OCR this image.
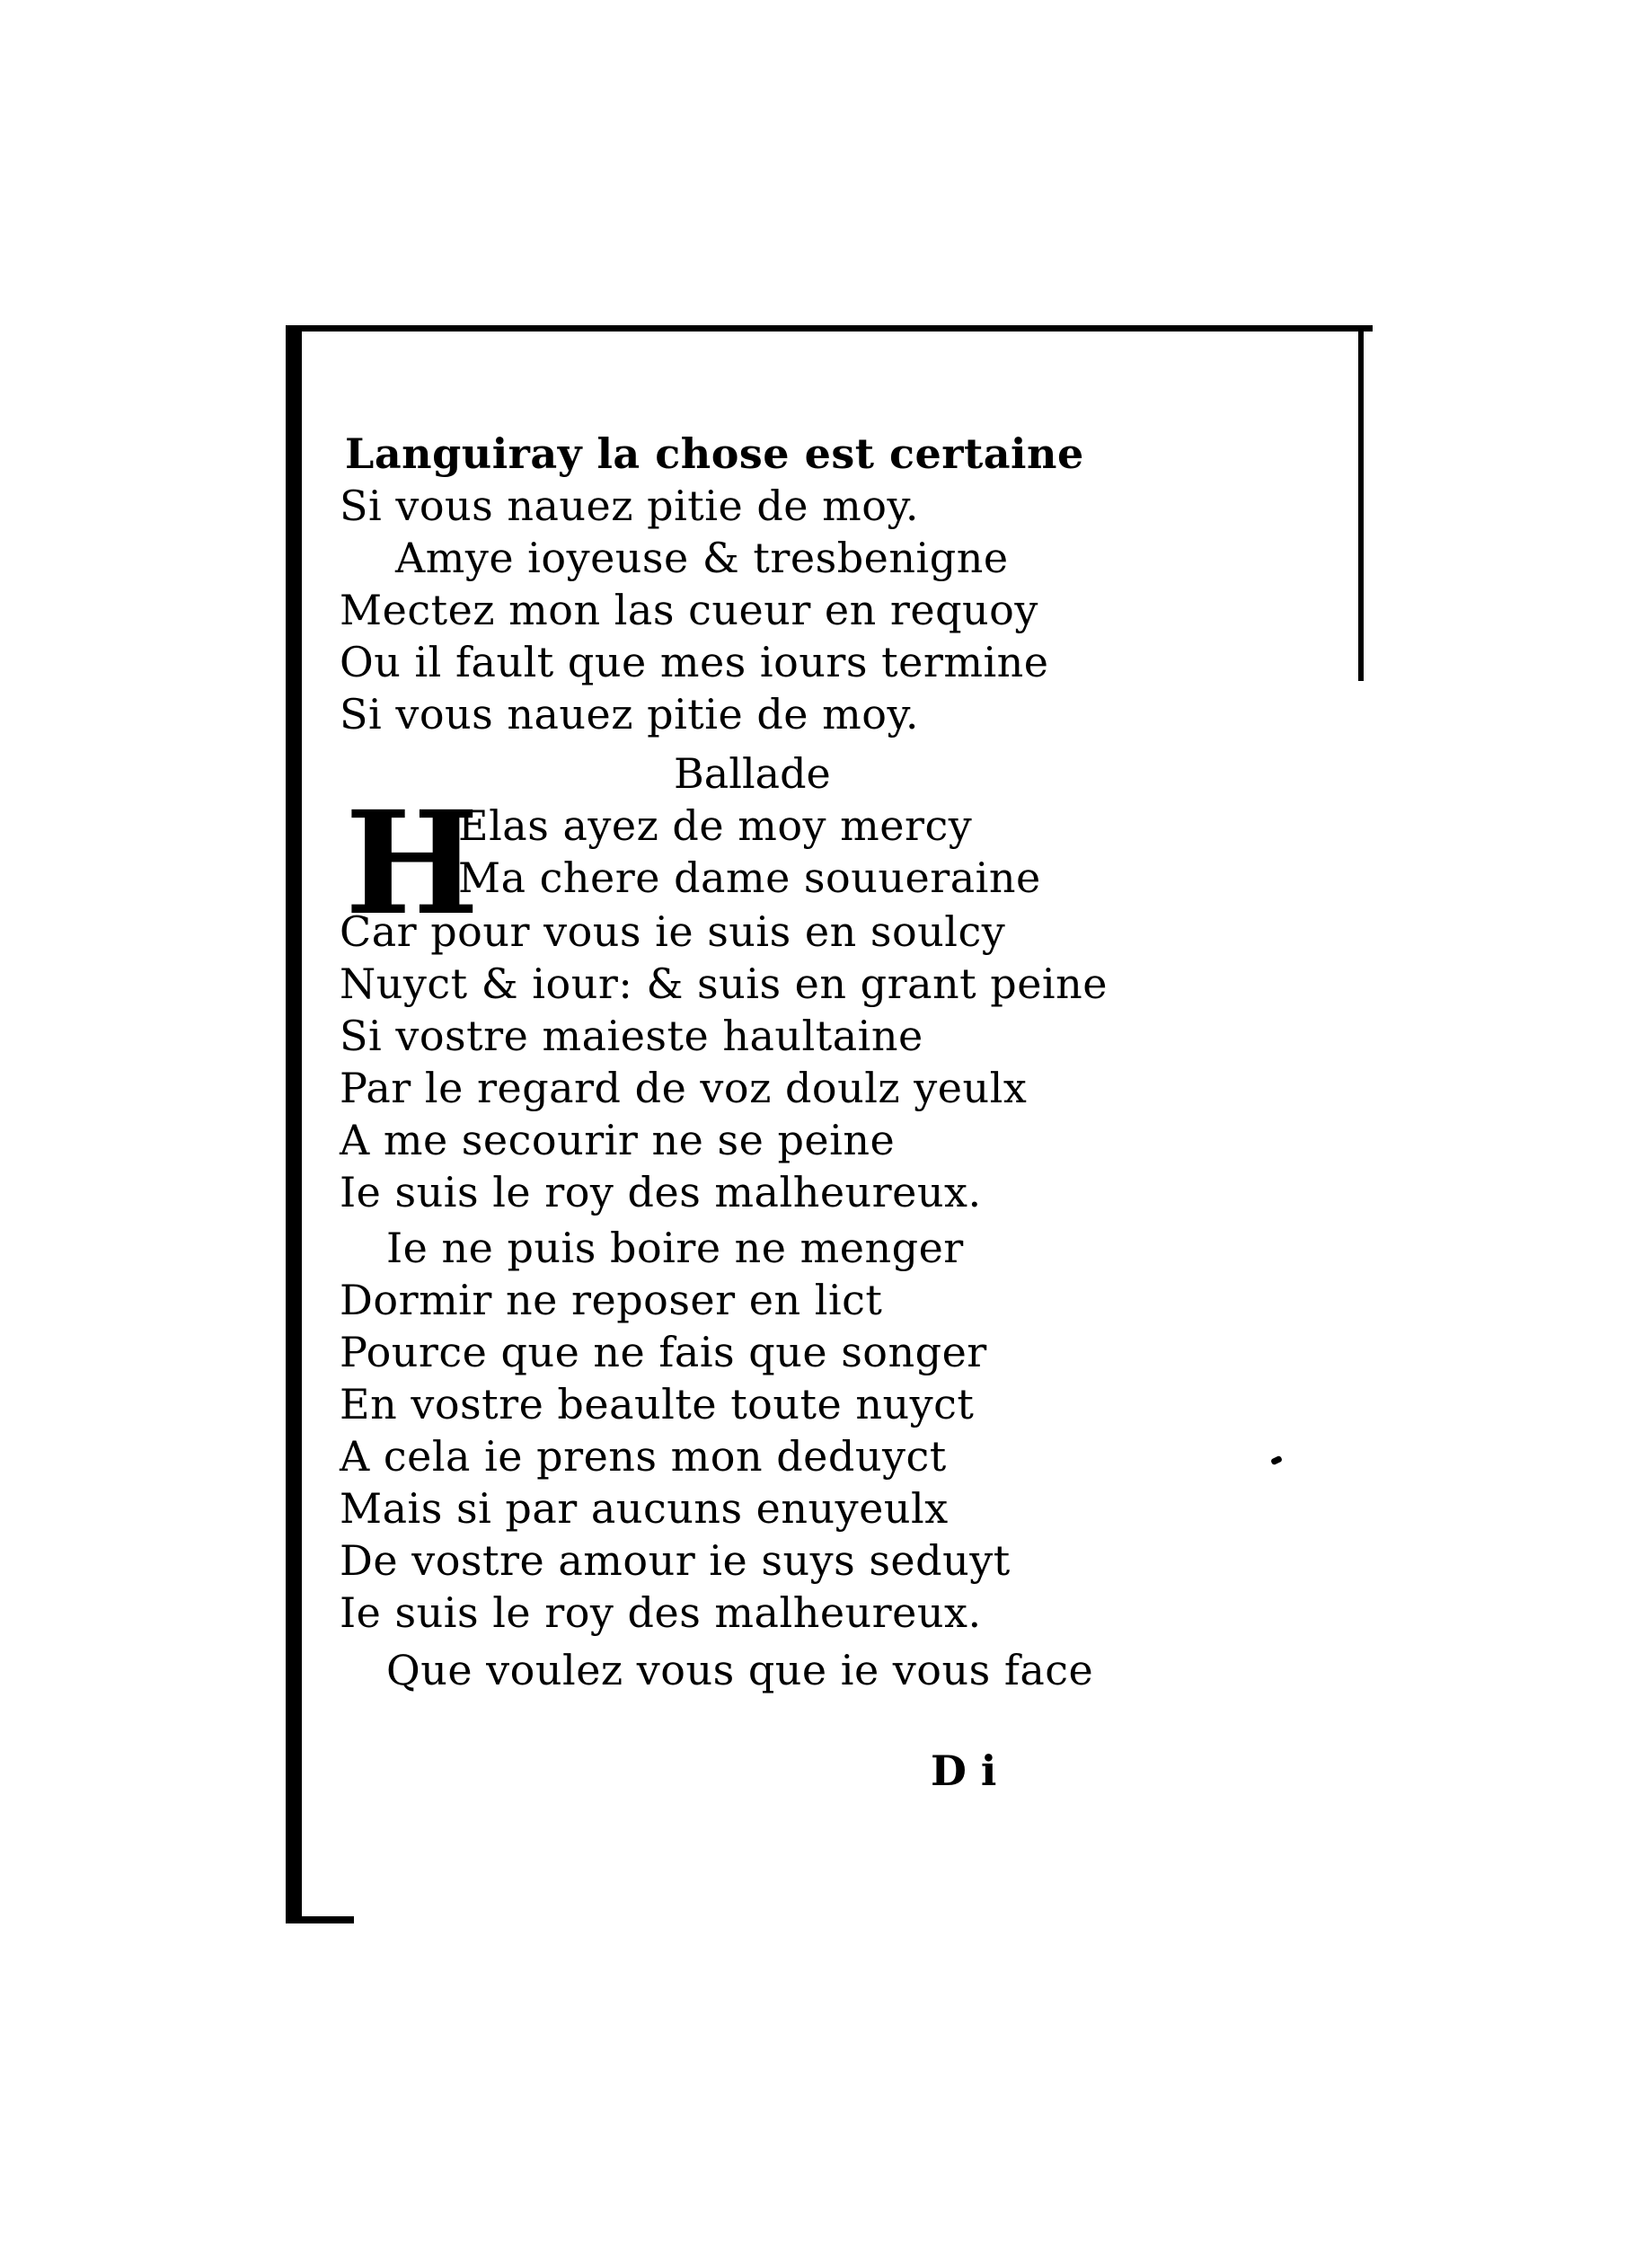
Languiray la chose est certaine
Si vous nauez pitie de moy.
Amye ioyeuse & tresbenigne
Mectez mon las cueur en requoy
Ou il fault que mes iours termine
Si vous nauez pitie de moy.
Ballade
H
Elas ayez de moy mercy
Ma chere dame souueraine
Car pour vous ie suis en soulcy
Nuyct & iour: & suis en grant peine
Si vostre maieste haultaine
Par le regard de voz doulz yeulx
A me secourir ne se peine
Ie suis le roy des malheureux.
Ie ne puis boire ne menger
Dormir ne reposer en lict
Pource que ne fais que songer
En vostre beaulte toute nuyct
A cela ie prens mon deduyct
Mais si par aucuns enuyeulx
De vostre amour ie suys seduyt
Ie suis le roy des malheureux.
Que voulez vous que ie vous face
D i
